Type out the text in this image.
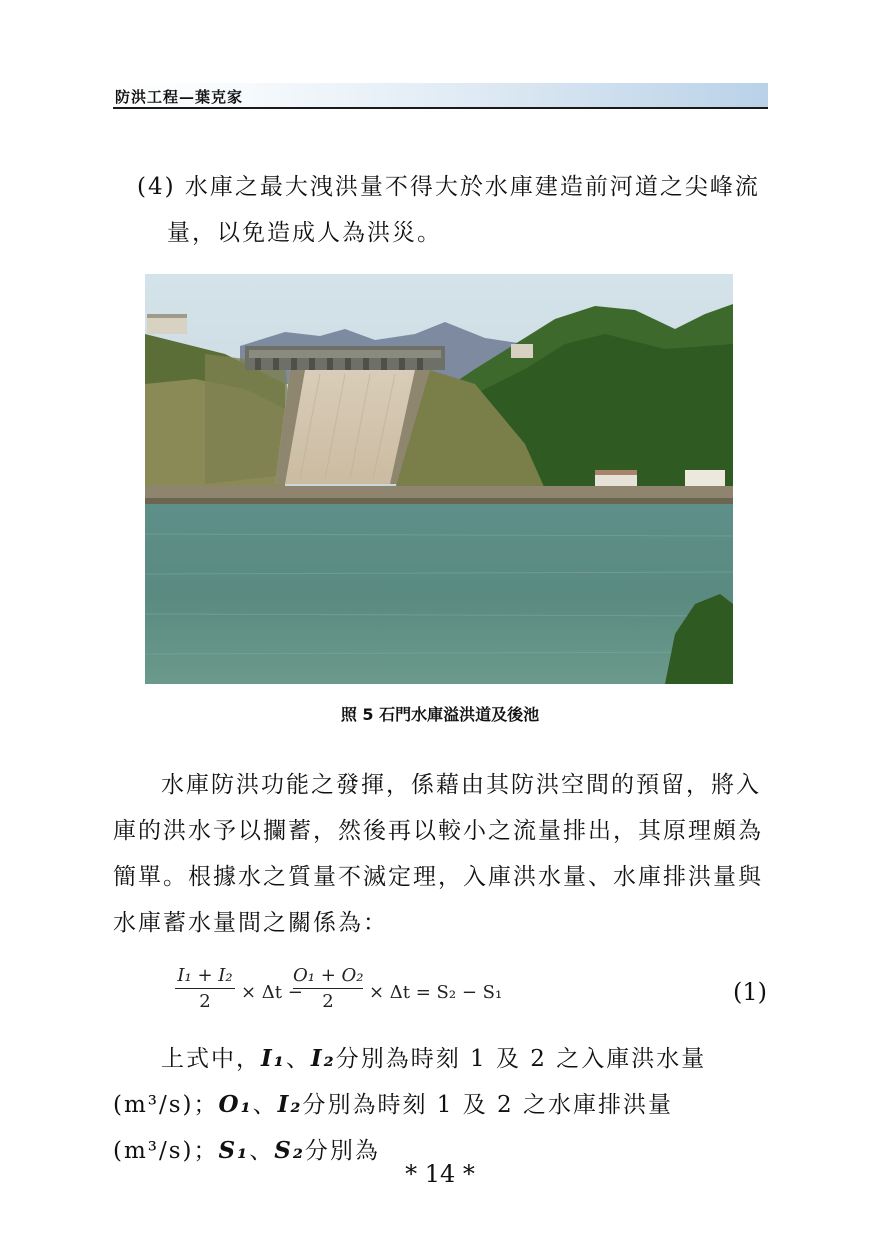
防洪工程—葉克家

(4) 水庫之最大洩洪量不得大於水庫建造前河道之尖峰流
量，以免造成人為洪災。

照 5 石門水庫溢洪道及後池

水庫防洪功能之發揮，係藉由其防洪空間的預留，將入庫的洪水予以攔蓄，然後再以較小之流量排出，其原理頗為簡單。根據水之質量不滅定理，入庫洪水量、水庫排洪量與水庫蓄水量間之關係為：

I₁ + I₂
2	× Δt −
O₁ + O₂
2	× Δt = S₂ − S₁	(1)

上式中，I₁、I₂分別為時刻 1 及 2 之入庫洪水量(m³/s)；O₁、I₂分別為時刻 1 及 2 之水庫排洪量(m³/s)；S₁、S₂分別為

* 14 *
